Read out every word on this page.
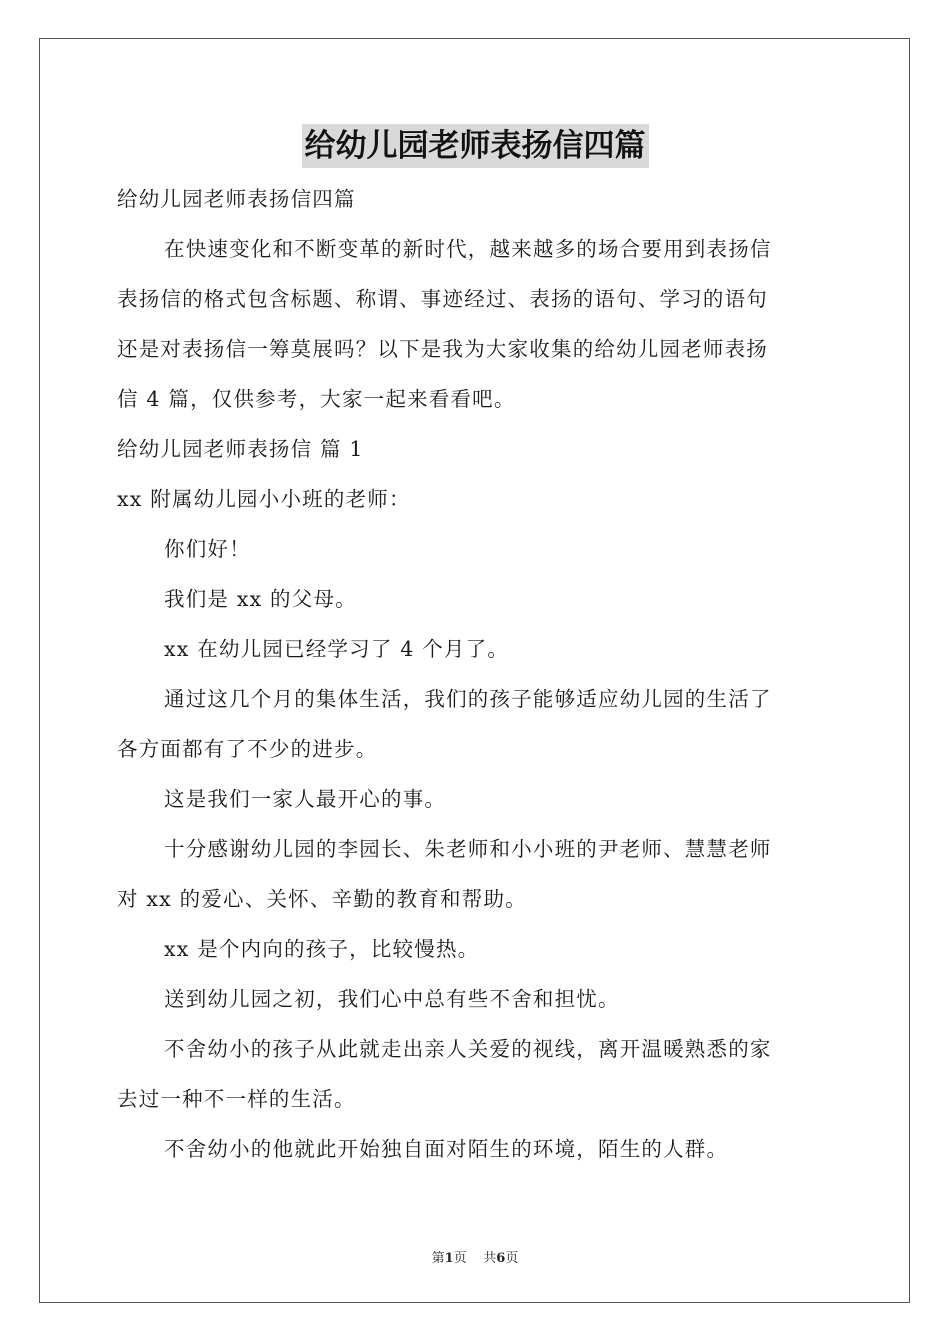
给幼儿园老师表扬信四篇

给幼儿园老师表扬信四篇

在快速变化和不断变革的新时代，越来越多的场合要用到表扬信

表扬信的格式包含标题、称谓、事迹经过、表扬的语句、学习的语句

还是对表扬信一筹莫展吗？以下是我为大家收集的给幼儿园老师表扬

信 4 篇，仅供参考，大家一起来看看吧。

给幼儿园老师表扬信 篇 1

xx 附属幼儿园小小班的老师：

你们好！

我们是 xx 的父母。

xx 在幼儿园已经学习了 4 个月了。

通过这几个月的集体生活，我们的孩子能够适应幼儿园的生活了

各方面都有了不少的进步。

这是我们一家人最开心的事。

十分感谢幼儿园的李园长、朱老师和小小班的尹老师、慧慧老师

对 xx 的爱心、关怀、辛勤的教育和帮助。

xx 是个内向的孩子，比较慢热。

送到幼儿园之初，我们心中总有些不舍和担忧。

不舍幼小的孩子从此就走出亲人关爱的视线，离开温暖熟悉的家

去过一种不一样的生活。

不舍幼小的他就此开始独自面对陌生的环境，陌生的人群。

第1页 共6页
